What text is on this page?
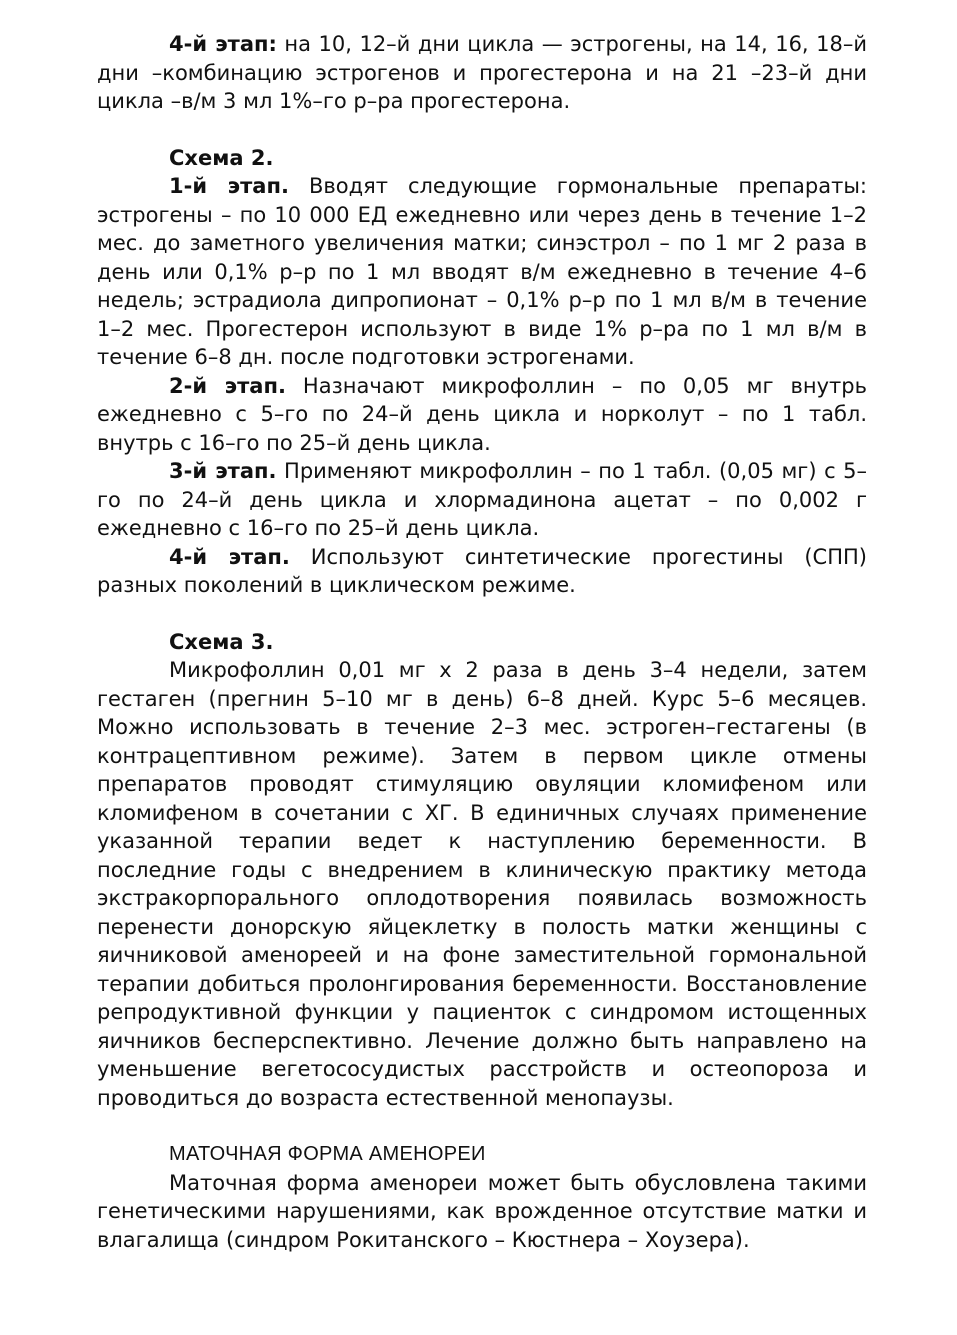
4-й этап: на 10, 12–й дни цикла — эстрогены, на 14, 16, 18–й дни –комбинацию эстрогенов и прогестерона и на 21 –23–й дни цикла –в/м 3 мл 1%–го р–ра прогестерона.

Схема 2.

1-й этап. Вводят следующие гормональные препараты: эстрогены – по 10 000 ЕД ежедневно или через день в течение 1–2 мес. до заметного увеличения матки; синэстрол – по 1 мг 2 раза в день или 0,1% р–р по 1 мл вводят в/м ежедневно в течение 4–6 недель; эстрадиола дипропионат – 0,1% р–р по 1 мл в/м в течение 1–2 мес. Прогестерон используют в виде 1% р–ра по 1 мл в/м в течение 6–8 дн. после подготовки эстрогенами.

2-й этап. Назначают микрофоллин – по 0,05 мг внутрь ежедневно с 5–го по 24–й день цикла и норколут – по 1 табл. внутрь с 16–го по 25–й день цикла.

3-й этап. Применяют микрофоллин – по 1 табл. (0,05 мг) с 5–го по 24–й день цикла и хлормадинона ацетат – по 0,002 г ежедневно с 16–го по 25–й день цикла.

4-й этап. Используют синтетические прогестины (СПП) разных поколений в циклическом режиме.

Схема 3.

Микрофоллин 0,01 мг х 2 раза в день 3–4 недели, затем гестаген (прегнин 5–10 мг в день) 6–8 дней. Курс 5–6 месяцев. Можно использовать в течение 2–3 мес. эстроген–гестагены (в контрацептивном режиме). Затем в первом цикле отмены препаратов проводят стимуляцию овуляции кломифеном или кломифеном в сочетании с ХГ. В единичных случаях применение указанной терапии ведет к наступлению беременности. В последние годы с внедрением в клиническую практику метода экстракорпорального оплодотворения появилась возможность перенести донорскую яйцеклетку в полость матки женщины с яичниковой аменореей и на фоне заместительной гормональной терапии добиться пролонгирования беременности. Восстановление репродуктивной функции у пациенток с синдромом истощенных яичников бесперспективно. Лечение должно быть направлено на уменьшение вегетососудистых расстройств и остеопороза и проводиться до возраста естественной менопаузы.

МАТОЧНАЯ ФОРМА АМЕНОРЕИ

Маточная форма аменореи может быть обусловлена такими генетическими нарушениями, как врожденное отсутствие матки и влагалища (синдром Рокитанского – Кюстнера – Хоузера).
